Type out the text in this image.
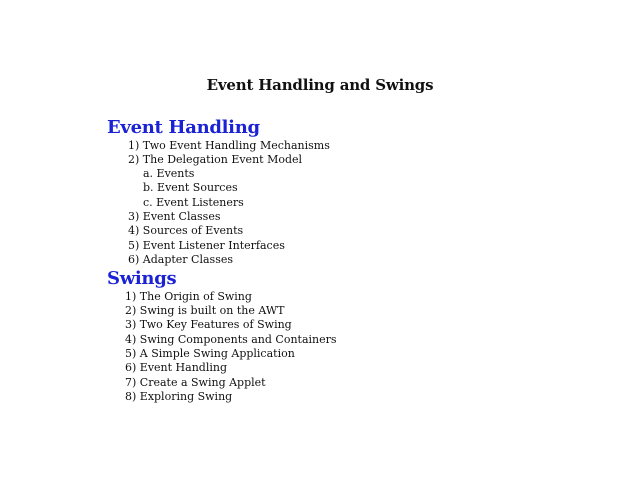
Event Handling and Swings
Event Handling
1) Two Event Handling Mechanisms
2) The Delegation Event Model
a. Events
b. Event Sources
c. Event Listeners
3) Event Classes
4) Sources of Events
5) Event Listener Interfaces
6) Adapter Classes
Swings
1) The Origin of Swing
2) Swing is built on the AWT
3) Two Key Features of Swing
4) Swing Components and Containers
5) A Simple Swing Application
6) Event Handling
7) Create a Swing Applet
8) Exploring Swing
